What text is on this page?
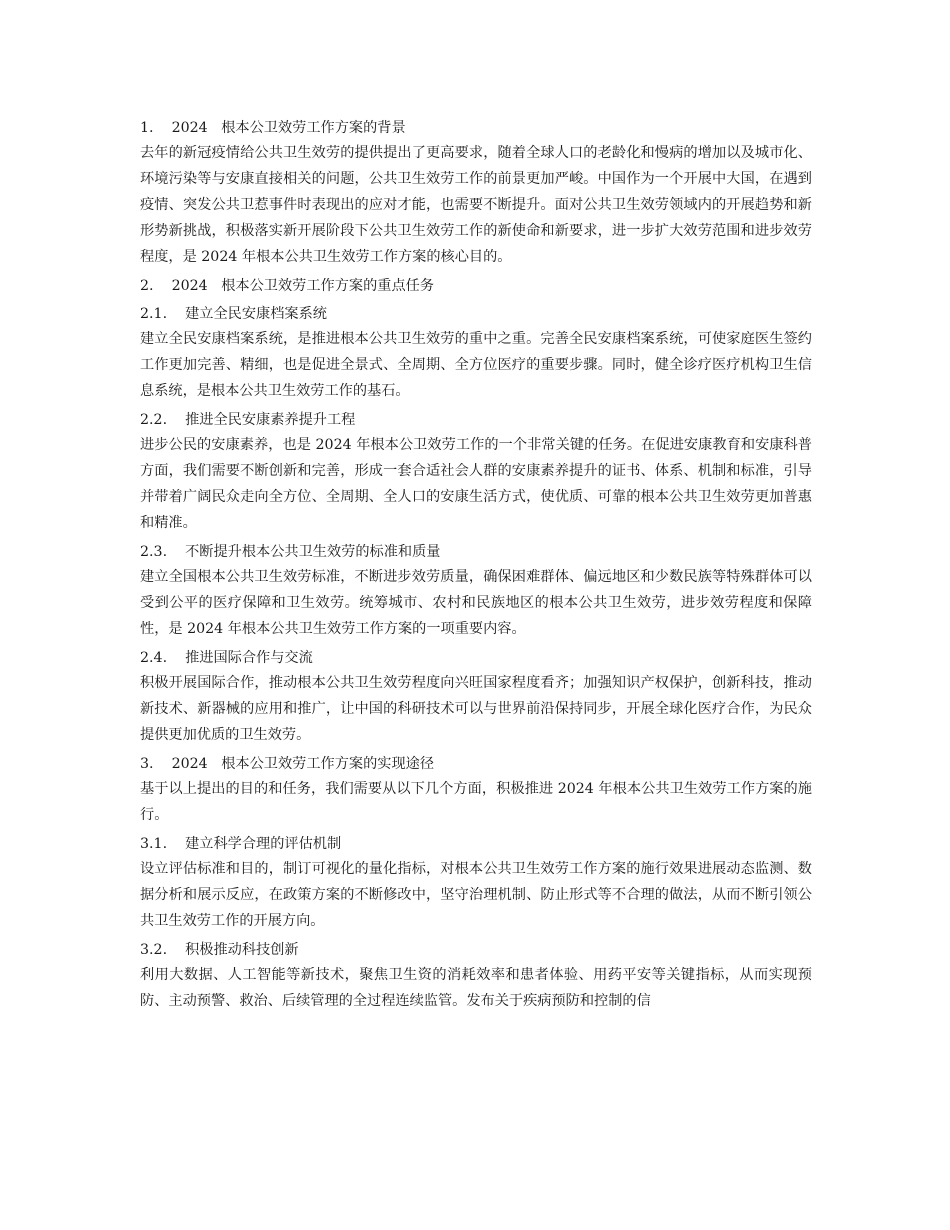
1.    2024   根本公卫效劳工作方案的背景

去年的新冠疫情给公共卫生效劳的提供提出了更高要求，随着全球人口的老龄化和慢病的增加以及城市化、环境污染等与安康直接相关的问题，公共卫生效劳工作的前景更加严峻。中国作为一个开展中大国，在遇到疫情、突发公共卫惹事件时表现出的应对才能，也需要不断提升。面对公共卫生效劳领域内的开展趋势和新形势新挑战，积极落实新开展阶段下公共卫生效劳工作的新使命和新要求，进一步扩大效劳范围和进步效劳程度，是 2024 年根本公共卫生效劳工作方案的核心目的。

2.    2024   根本公卫效劳工作方案的重点任务

2.1.    建立全民安康档案系统

建立全民安康档案系统，是推进根本公共卫生效劳的重中之重。完善全民安康档案系统，可使家庭医生签约工作更加完善、精细，也是促进全景式、全周期、全方位医疗的重要步骤。同时，健全诊疗医疗机构卫生信息系统，是根本公共卫生效劳工作的基石。

2.2.    推进全民安康素养提升工程

进步公民的安康素养，也是 2024 年根本公卫效劳工作的一个非常关键的任务。在促进安康教育和安康科普方面，我们需要不断创新和完善，形成一套合适社会人群的安康素养提升的证书、体系、机制和标准，引导并带着广阔民众走向全方位、全周期、全人口的安康生活方式，使优质、可靠的根本公共卫生效劳更加普惠和精准。

2.3.    不断提升根本公共卫生效劳的标准和质量

建立全国根本公共卫生效劳标准，不断进步效劳质量，确保困难群体、偏远地区和少数民族等特殊群体可以受到公平的医疗保障和卫生效劳。统筹城市、农村和民族地区的根本公共卫生效劳，进步效劳程度和保障性，是 2024 年根本公共卫生效劳工作方案的一项重要内容。

2.4.    推进国际合作与交流

积极开展国际合作，推动根本公共卫生效劳程度向兴旺国家程度看齐；加强知识产权保护，创新科技，推动新技术、新器械的应用和推广，让中国的科研技术可以与世界前沿保持同步，开展全球化医疗合作，为民众提供更加优质的卫生效劳。

3.    2024   根本公卫效劳工作方案的实现途径

基于以上提出的目的和任务，我们需要从以下几个方面，积极推进 2024 年根本公共卫生效劳工作方案的施行。

3.1.    建立科学合理的评估机制

设立评估标准和目的，制订可视化的量化指标，对根本公共卫生效劳工作方案的施行效果进展动态监测、数据分析和展示反应，在政策方案的不断修改中，坚守治理机制、防止形式等不合理的做法，从而不断引领公共卫生效劳工作的开展方向。

3.2.    积极推动科技创新

利用大数据、人工智能等新技术，聚焦卫生资的消耗效率和患者体验、用药平安等关键指标，从而实现预防、主动预警、救治、后续管理的全过程连续监管。发布关于疾病预防和控制的信
